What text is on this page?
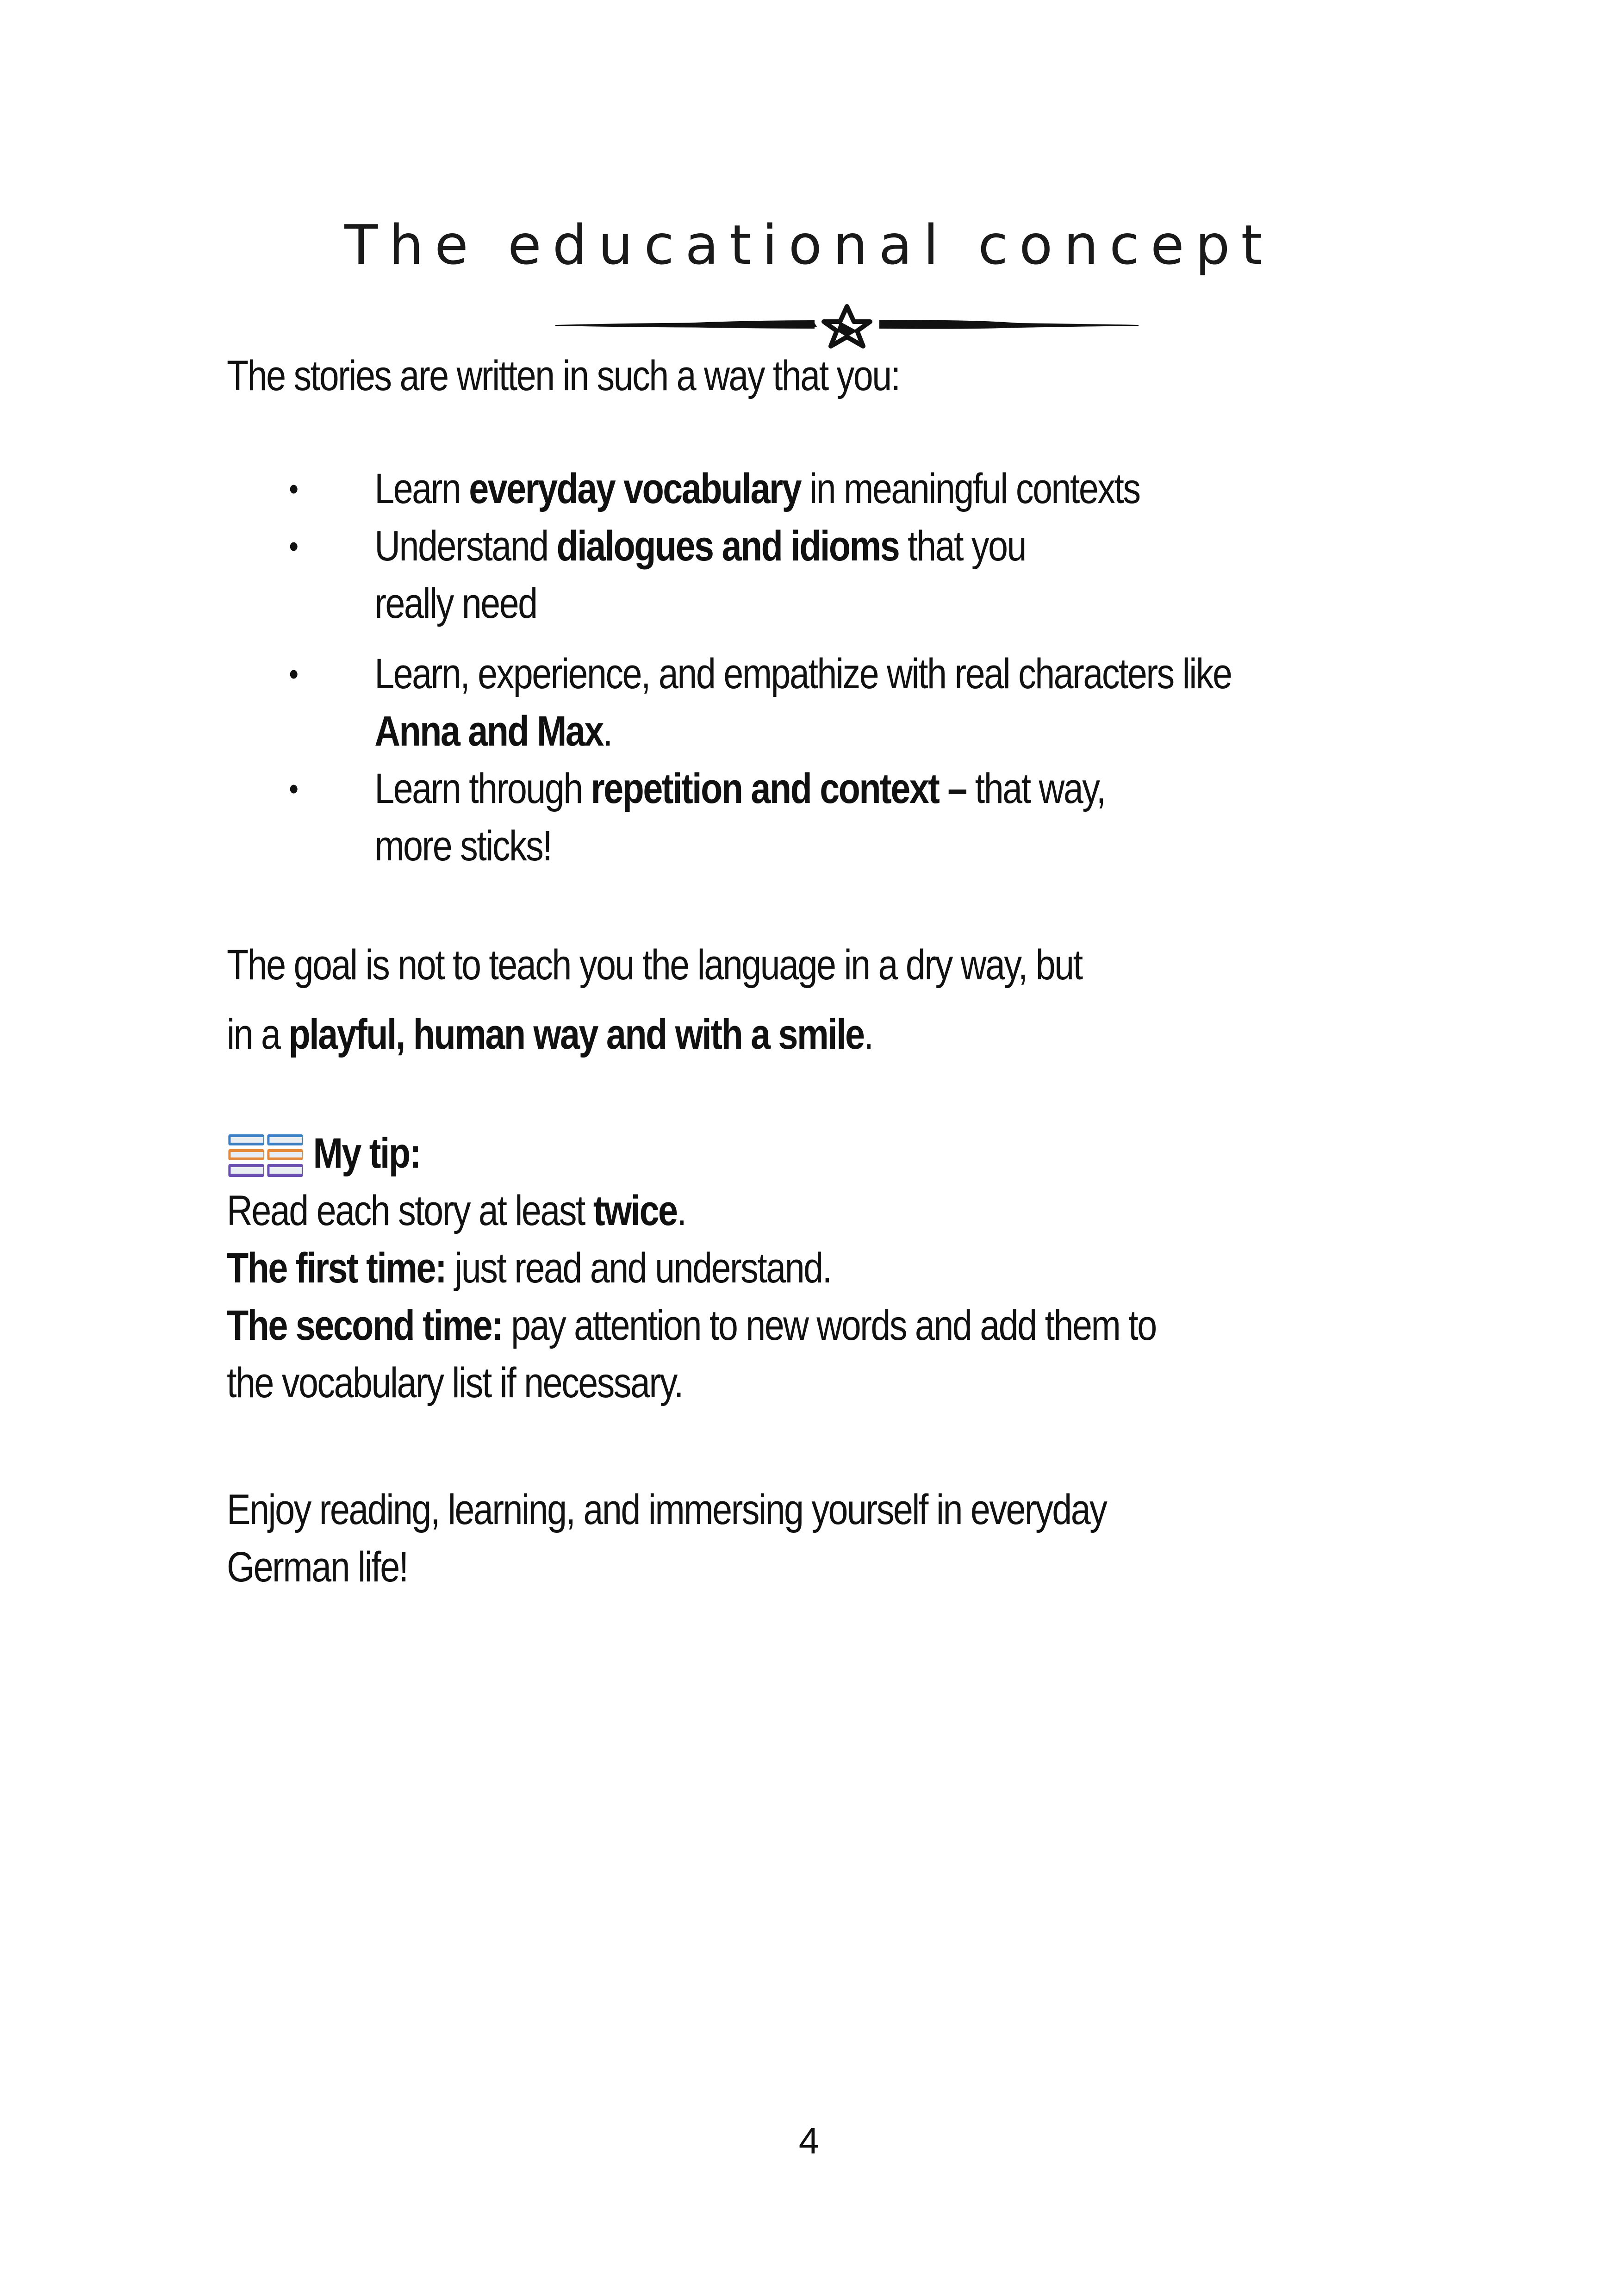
The educational concept

The stories are written in such a way that you:

• Learn everyday vocabulary in meaningful contexts
• Understand dialogues and idioms that you
really need
• Learn, experience, and empathize with real characters like
Anna and Max.
• Learn through repetition and context – that way,
more sticks!

The goal is not to teach you the language in a dry way, but
in a playful, human way and with a smile.

My tip:

Read each story at least twice.
The first time: just read and understand.
The second time: pay attention to new words and add them to
the vocabulary list if necessary.

Enjoy reading, learning, and immersing yourself in everyday
German life!

4
